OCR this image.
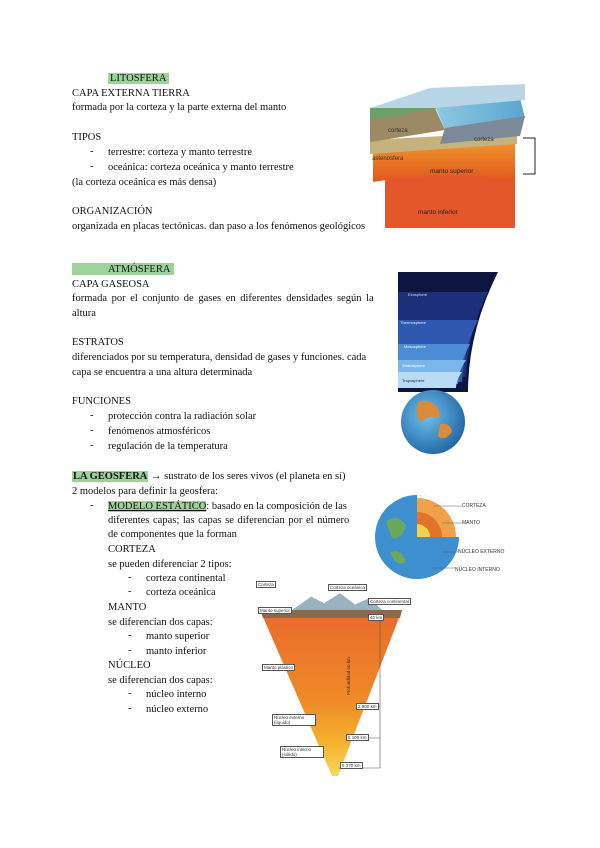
LITOSFERA
CAPA EXTERNA TIERRA
formada por la corteza y la parte externa del manto
TIPOS
- terrestre: corteza y manto terrestre
- oceánica: corteza oceánica y manto terrestre
(la corteza oceánica es más densa)
ORGANIZACIÓN
organizada en placas tectónicas. dan paso a los fenómenos geológicos
corteza
corteza
astenosfera
manto superior
manto inferior
ATMÓSFERA
CAPA GASEOSA
formada por el conjunto de gases en diferentes densidades según la
altura
ESTRATOS
diferenciados por su temperatura, densidad de gases y funciones. cada
capa se encuentra a una altura determinada
FUNCIONES
- protección contra la radiación solar
- fenómenos atmosféricos
- regulación de la temperatura
Exosphere
Thermosphere
Mesosphere
Stratosphere
Troposphere
LA GEOSFERA → sustrato de los seres vivos (el planeta en sí)
2 modelos para definir la geosfera:
- MODELO ESTÁTICO: basado en la composición de las
diferentes capas; las capas se diferencian por el número
de componentes que la forman
CORTEZA
se pueden diferenciar 2 tipos:
- corteza continental
- corteza oceánica
MANTO
se diferencian dos capas:
- manto superior
- manto inferior
NÚCLEO
se diferencian dos capas:
- núcleo interno
- núcleo externo
CORTEZA
MANTO
NÚCLEO EXTERNO
NÚCLEO INTERNO
Corteza
Manto superior
Corteza oceánica
Corteza continental
40 km
Manto plástico
2 900 km
Núcleo externo (líquido)
5 100 km
Núcleo interno (sólido)
6 370 km
Profundidad en km
